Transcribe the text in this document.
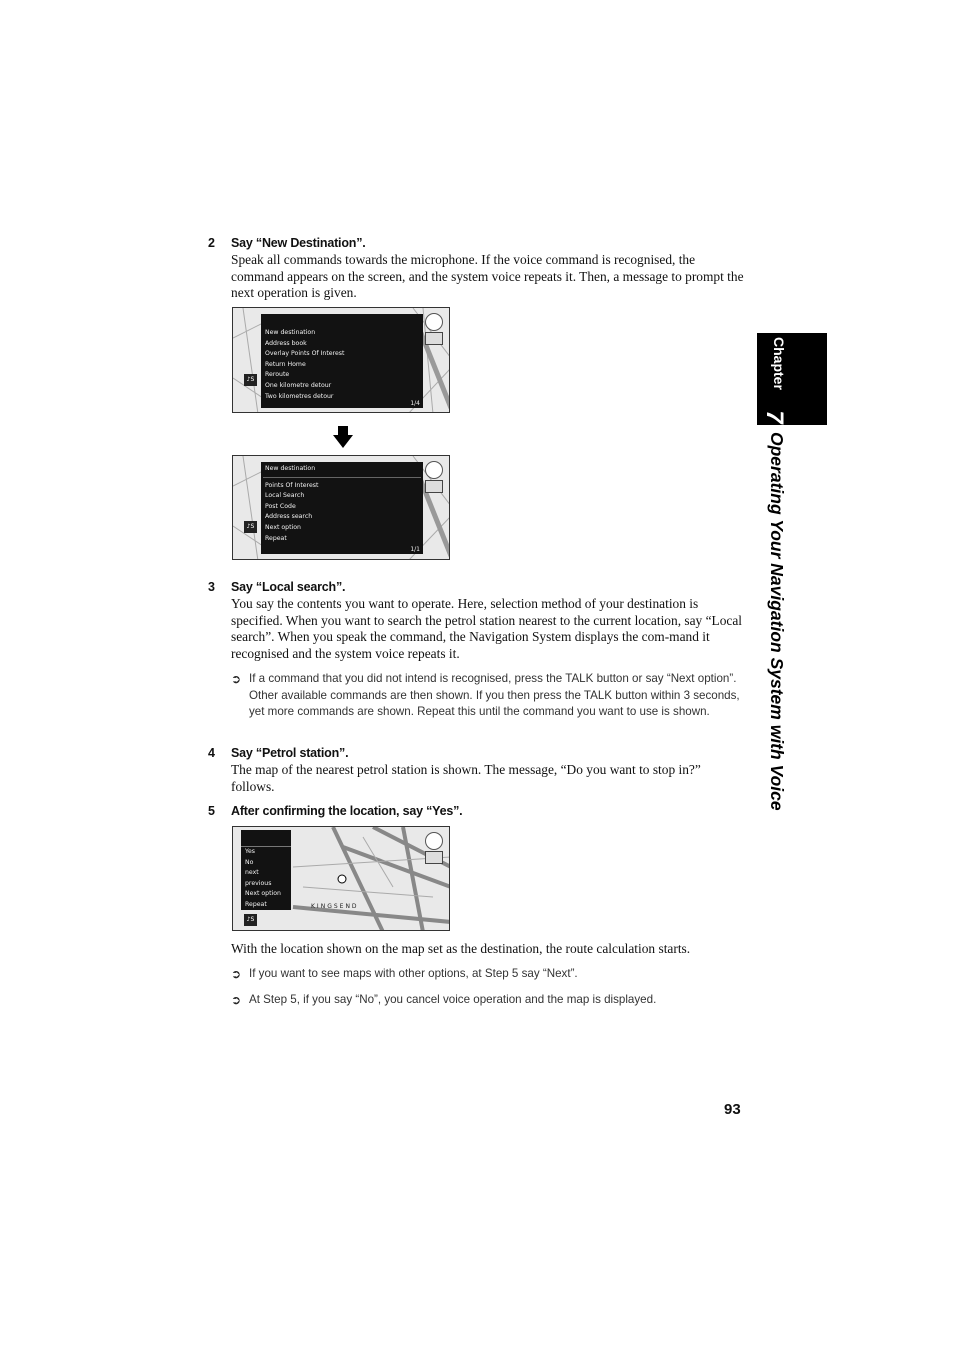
2 Say “New Destination”.
Speak all commands towards the microphone. If the voice command is recognised, the command appears on the screen, and the system voice repeats it. Then, a message to prompt the next operation is given.
New destination
Address book
Overlay Points Of Interest
Return Home
Reroute
One kilometre detour
Two kilometres detour
1/4
♪S
New destination
Points Of Interest
Local Search
Post Code
Address search
Next option
Repeat
1/1
♪S
3 Say “Local search”.
You say the contents you want to operate. Here, selection method of your destination is specified. When you want to search the petrol station nearest to the current location, say “Local search”. When you speak the command, the Navigation System displays the com-mand it recognised and the system voice repeats it.
➲ If a command that you did not intend is recognised, press the TALK button or say “Next option”. Other available commands are then shown. If you then press the TALK button within 3 seconds, yet more commands are shown. Repeat this until the command you want to use is shown.
4 Say “Petrol station”.
The map of the nearest petrol station is shown. The message, “Do you want to stop in?” follows.
5 After confirming the location, say “Yes”.
Yes
No
next
previous
Next option
Repeat	KINGSEND
♪S
With the location shown on the map set as the destination, the route calculation starts.
➲ If you want to see maps with other options, at Step 5 say “Next”.
➲ At Step 5, if you say “No”, you cancel voice operation and the map is displayed.
Chapter
7
Operating Your Navigation System with Voice
93
